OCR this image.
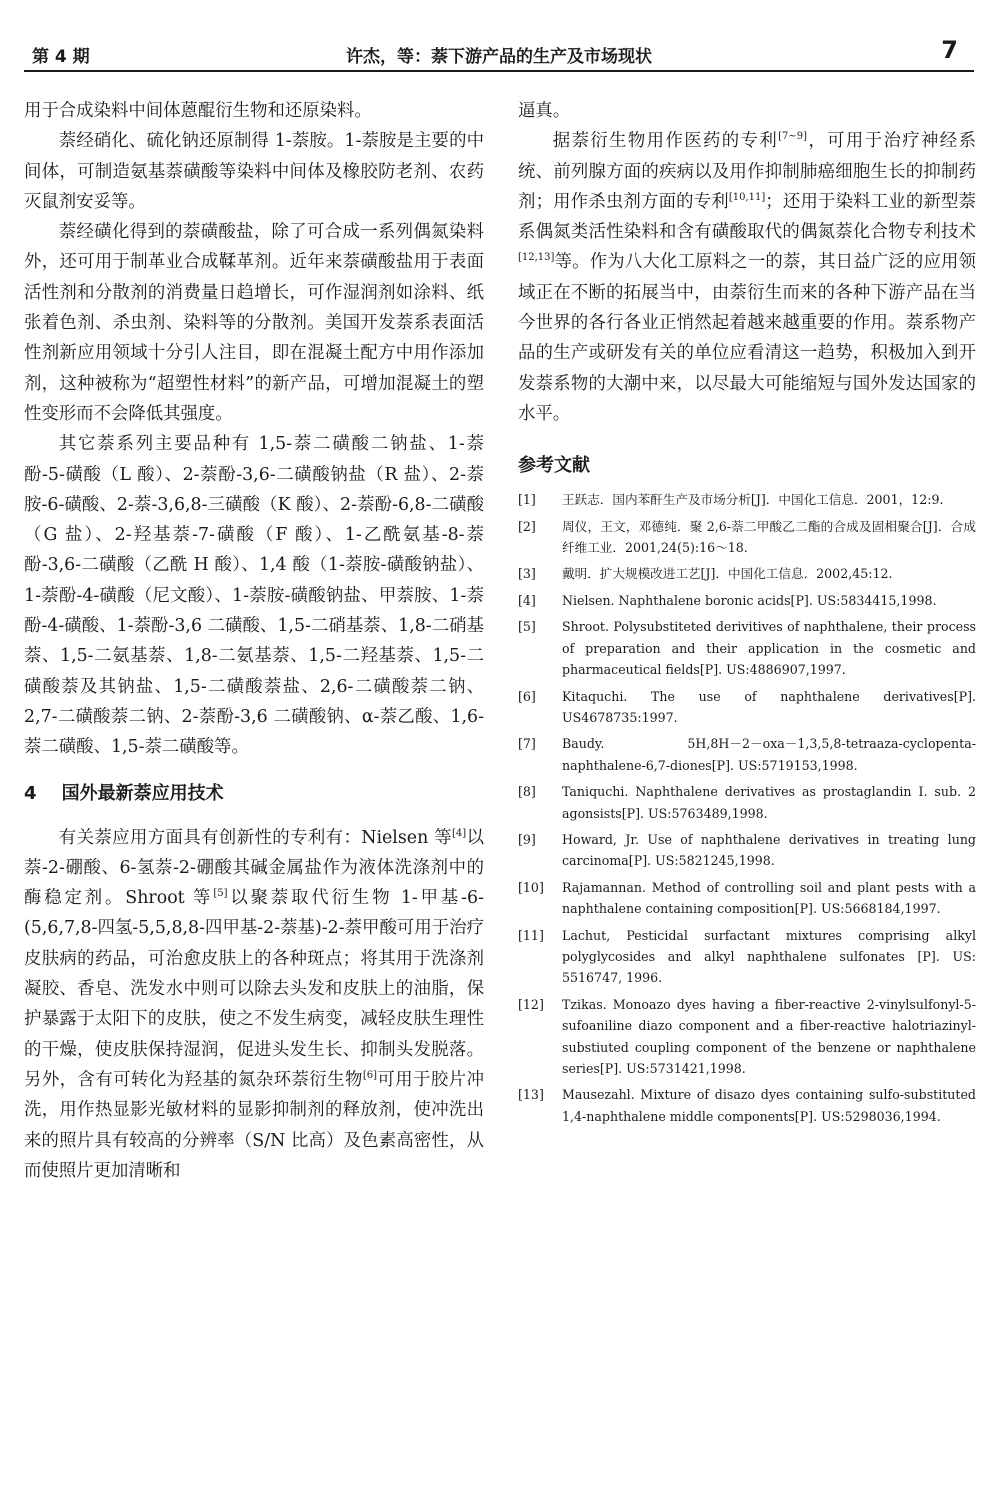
第 4 期	许杰，等：萘下游产品的生产及市场现状	7

用于合成染料中间体蒽醌衍生物和还原染料。

萘经硝化、硫化钠还原制得 1-萘胺。1-萘胺是主要的中间体，可制造氨基萘磺酸等染料中间体及橡胶防老剂、农药灭鼠剂安妥等。

萘经磺化得到的萘磺酸盐，除了可合成一系列偶氮染料外，还可用于制革业合成鞣革剂。近年来萘磺酸盐用于表面活性剂和分散剂的消费量日趋增长，可作湿润剂如涂料、纸张着色剂、杀虫剂、染料等的分散剂。美国开发萘系表面活性剂新应用领域十分引人注目，即在混凝土配方中用作添加剂，这种被称为“超塑性材料”的新产品，可增加混凝土的塑性变形而不会降低其强度。

其它萘系列主要品种有 1,5-萘二磺酸二钠盐、1-萘酚-5-磺酸（L 酸）、2-萘酚-3,6-二磺酸钠盐（R 盐）、2-萘胺-6-磺酸、2-萘-3,6,8-三磺酸（K 酸）、2-萘酚-6,8-二磺酸（G 盐）、2-羟基萘-7-磺酸（F 酸）、1-乙酰氨基-8-萘酚-3,6-二磺酸（乙酰 H 酸）、1,4 酸（1-萘胺-磺酸钠盐）、1-萘酚-4-磺酸（尼文酸）、1-萘胺-磺酸钠盐、甲萘胺、1-萘酚-4-磺酸、1-萘酚-3,6 二磺酸、1,5-二硝基萘、1,8-二硝基萘、1,5-二氨基萘、1,8-二氨基萘、1,5-二羟基萘、1,5-二磺酸萘及其钠盐、1,5-二磺酸萘盐、2,6-二磺酸萘二钠、2,7-二磺酸萘二钠、2-萘酚-3,6 二磺酸钠、α-萘乙酸、1,6-萘二磺酸、1,5-萘二磺酸等。

4 国外最新萘应用技术

有关萘应用方面具有创新性的专利有：Nielsen 等[4]以萘-2-硼酸、6-氢萘-2-硼酸其碱金属盐作为液体洗涤剂中的酶稳定剂。Shroot 等[5]以聚萘取代衍生物 1-甲基-6-(5,6,7,8-四氢-5,5,8,8-四甲基-2-萘基)-2-萘甲酸可用于治疗皮肤病的药品，可治愈皮肤上的各种斑点；将其用于洗涤剂凝胶、香皂、洗发水中则可以除去头发和皮肤上的油脂，保护暴露于太阳下的皮肤，使之不发生病变，减轻皮肤生理性的干燥，使皮肤保持湿润，促进头发生长、抑制头发脱落。另外，含有可转化为羟基的氮杂环萘衍生物[6]可用于胶片冲洗，用作热显影光敏材料的显影抑制剂的释放剂，使冲洗出来的照片具有较高的分辨率（S/N 比高）及色素高密性，从而使照片更加清晰和

逼真。

据萘衍生物用作医药的专利[7~9]，可用于治疗神经系统、前列腺方面的疾病以及用作抑制肺癌细胞生长的抑制药剂；用作杀虫剂方面的专利[10,11]；还用于染料工业的新型萘系偶氮类活性染料和含有磺酸取代的偶氮萘化合物专利技术[12,13]等。作为八大化工原料之一的萘，其日益广泛的应用领域正在不断的拓展当中，由萘衍生而来的各种下游产品在当今世界的各行各业正悄然起着越来越重要的作用。萘系物产品的生产或研发有关的单位应看清这一趋势，积极加入到开发萘系物的大潮中来，以尽最大可能缩短与国外发达国家的水平。

参考文献
[1]	王跃志．国内苯酐生产及市场分析[J]．中国化工信息．2001，12:9.
[2]	周仪，王文，邓德纯．聚 2,6-萘二甲酸乙二酯的合成及固相聚合[J]．合成纤维工业．2001,24(5):16～18.
[3]	戴明．扩大规模改进工艺[J]．中国化工信息．2002,45:12.
[4]	Nielsen. Naphthalene boronic acids[P]. US:5834415,1998.
[5]	Shroot. Polysubstiteted derivitives of naphthalene, their process of preparation and their application in the cosmetic and pharmaceutical fields[P]. US:4886907,1997.
[6]	Kitaquchi. The use of naphthalene derivatives[P]. US4678735:1997.
[7]	Baudy. 5H,8H－2－oxa－1,3,5,8-tetraaza-cyclopenta-naphthalene-6,7-diones[P]. US:5719153,1998.
[8]	Taniquchi. Naphthalene derivatives as prostaglandin I. sub. 2 agonsists[P]. US:5763489,1998.
[9]	Howard, Jr. Use of naphthalene derivatives in treating lung carcinoma[P]. US:5821245,1998.
[10]	Rajamannan. Method of controlling soil and plant pests with a naphthalene containing composition[P]. US:5668184,1997.
[11]	Lachut, Pesticidal surfactant mixtures comprising alkyl polyglycosides and alkyl naphthalene sulfonates [P]. US: 5516747, 1996.
[12]	Tzikas. Monoazo dyes having a fiber-reactive 2-vinylsulfonyl-5-sufoaniline diazo component and a fiber-reactive halotriazinyl-substiuted coupling component of the benzene or naphthalene series[P]. US:5731421,1998.
[13]	Mausezahl. Mixture of disazo dyes containing sulfo-substituted 1,4-naphthalene middle components[P]. US:5298036,1994.
